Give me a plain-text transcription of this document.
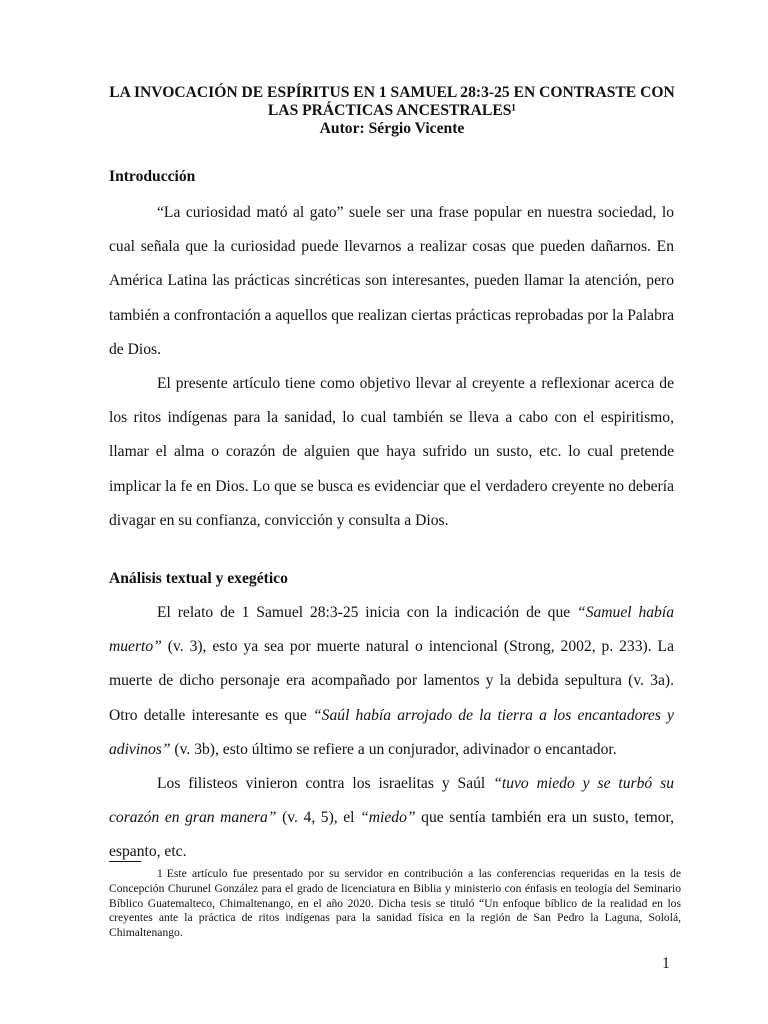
LA INVOCACIÓN DE ESPÍRITUS EN 1 SAMUEL 28:3-25 EN CONTRASTE CON
LAS PRÁCTICAS ANCESTRALES¹
Autor: Sérgio Vicente
Introducción

“La curiosidad mató al gato” suele ser una frase popular en nuestra sociedad, lo cual señala que la curiosidad puede llevarnos a realizar cosas que pueden dañarnos. En América Latina las prácticas sincréticas son interesantes, pueden llamar la atención, pero también a confrontación a aquellos que realizan ciertas prácticas reprobadas por la Palabra de Dios.

El presente artículo tiene como objetivo llevar al creyente a reflexionar acerca de los ritos indígenas para la sanidad, lo cual también se lleva a cabo con el espiritismo, llamar el alma o corazón de alguien que haya sufrido un susto, etc. lo cual pretende implicar la fe en Dios. Lo que se busca es evidenciar que el verdadero creyente no debería divagar en su confianza, convicción y consulta a Dios.

Análisis textual y exegético

El relato de 1 Samuel 28:3-25 inicia con la indicación de que “Samuel había muerto” (v. 3), esto ya sea por muerte natural o intencional (Strong, 2002, p. 233). La muerte de dicho personaje era acompañado por lamentos y la debida sepultura (v. 3a). Otro detalle interesante es que “Saúl había arrojado de la tierra a los encantadores y adivinos” (v. 3b), esto último se refiere a un conjurador, adivinador o encantador.

Los filisteos vinieron contra los israelitas y Saúl “tuvo miedo y se turbó su corazón en gran manera” (v. 4, 5), el “miedo” que sentía también era un susto, temor, espanto, etc.

1 Este artículo fue presentado por su servidor en contribución a las conferencias requeridas en la tesis de Concepción Churunel González para el grado de licenciatura en Biblia y ministerio con énfasis en teología del Seminario Bíblico Guatemalteco, Chimaltenango, en el año 2020. Dicha tesis se tituló “Un enfoque bíblico de la realidad en los creyentes ante la práctica de ritos indígenas para la sanidad física en la región de San Pedro la Laguna, Sololá, Chimaltenango.
1
